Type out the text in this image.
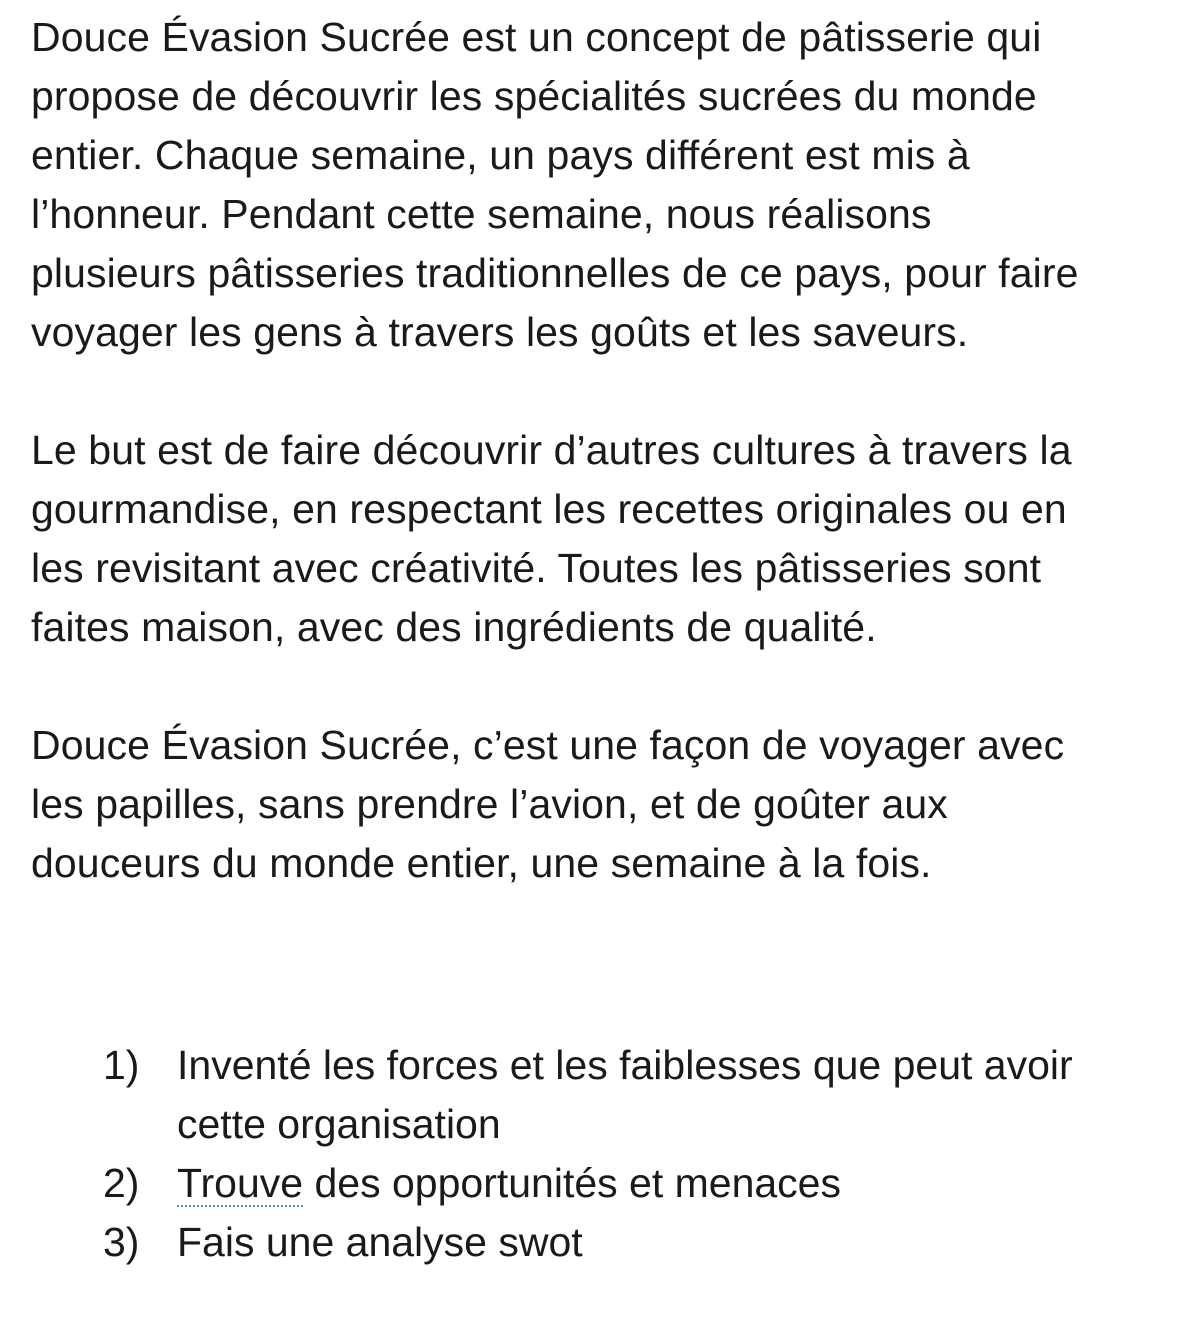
Douce Évasion Sucrée est un concept de pâtisserie qui
propose de découvrir les spécialités sucrées du monde
entier. Chaque semaine, un pays différent est mis à
l’honneur. Pendant cette semaine, nous réalisons
plusieurs pâtisseries traditionnelles de ce pays, pour faire
voyager les gens à travers les goûts et les saveurs.

Le but est de faire découvrir d’autres cultures à travers la
gourmandise, en respectant les recettes originales ou en
les revisitant avec créativité. Toutes les pâtisseries sont
faites maison, avec des ingrédients de qualité.

Douce Évasion Sucrée, c’est une façon de voyager avec
les papilles, sans prendre l’avion, et de goûter aux
douceurs du monde entier, une semaine à la fois.

1) Inventé les forces et les faiblesses que peut avoir
cette organisation
2) Trouve des opportunités et menaces
3) Fais une analyse swot
